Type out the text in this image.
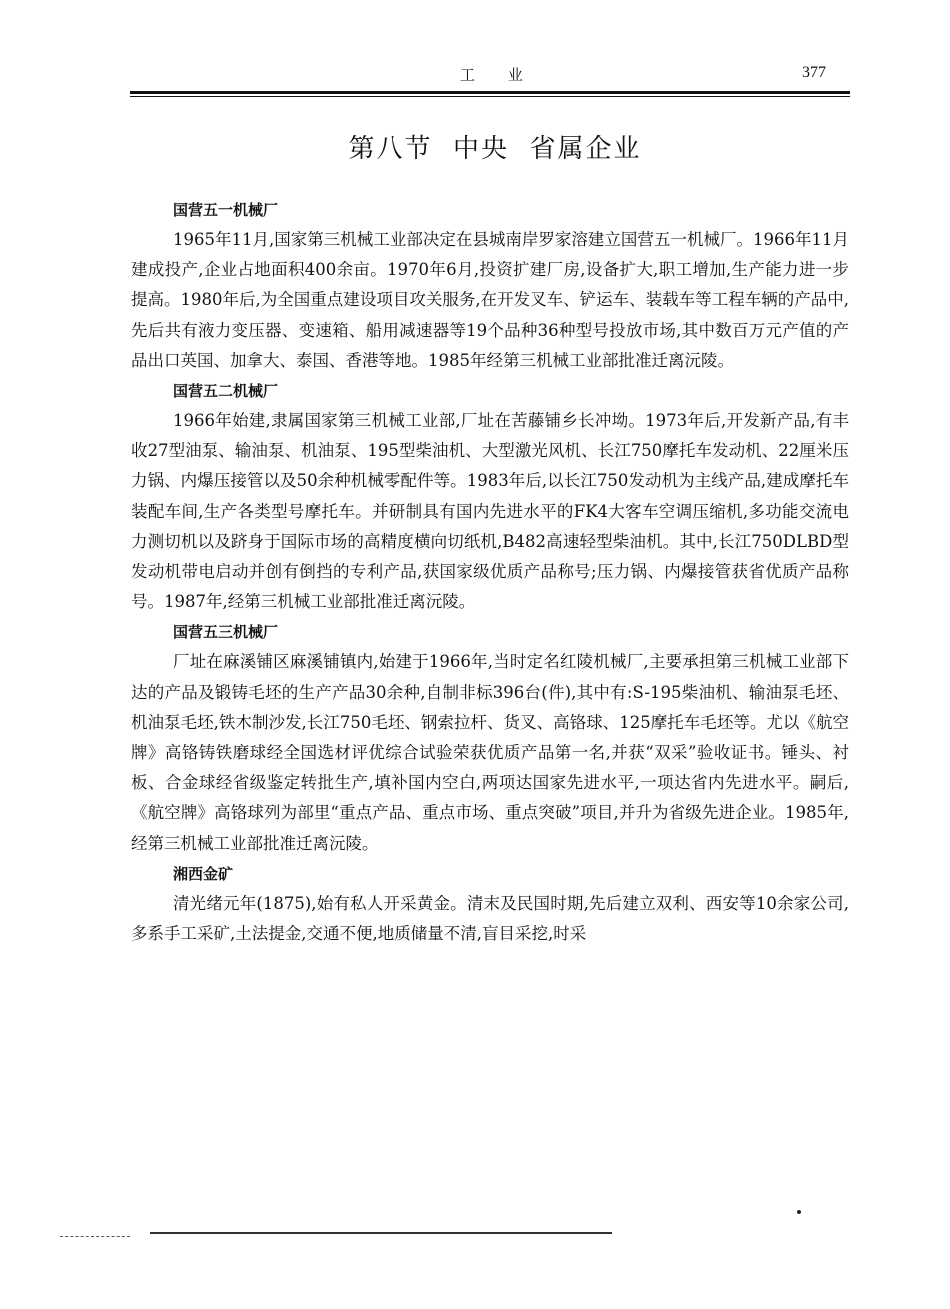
工 业	377
第八节  中央  省属企业
国营五一机械厂

1965年11月,国家第三机械工业部决定在县城南岸罗家溶建立国营五一机械厂。1966年11月建成投产,企业占地面积400余亩。1970年6月,投资扩建厂房,设备扩大,职工增加,生产能力进一步提高。1980年后,为全国重点建设项目攻关服务,在开发叉车、铲运车、装载车等工程车辆的产品中,先后共有液力变压器、变速箱、船用减速器等19个品种36种型号投放市场,其中数百万元产值的产品出口英国、加拿大、泰国、香港等地。1985年经第三机械工业部批准迁离沅陵。

国营五二机械厂

1966年始建,隶属国家第三机械工业部,厂址在苦藤铺乡长冲坳。1973年后,开发新产品,有丰收27型油泵、输油泵、机油泵、195型柴油机、大型激光风机、长江750摩托车发动机、22厘米压力锅、内爆压接管以及50余种机械零配件等。1983年后,以长江750发动机为主线产品,建成摩托车装配车间,生产各类型号摩托车。并研制具有国内先进水平的FK4大客车空调压缩机,多功能交流电力测切机以及跻身于国际市场的高精度横向切纸机,B482高速轻型柴油机。其中,长江750DLBD型发动机带电启动并创有倒挡的专利产品,获国家级优质产品称号;压力锅、内爆接管获省优质产品称号。1987年,经第三机械工业部批准迁离沅陵。

国营五三机械厂

厂址在麻溪铺区麻溪铺镇内,始建于1966年,当时定名红陵机械厂,主要承担第三机械工业部下达的产品及锻铸毛坯的生产产品30余种,自制非标396台(件),其中有:S-195柴油机、输油泵毛坯、机油泵毛坯,铁木制沙发,长江750毛坯、钢索拉杆、货叉、高铬球、125摩托车毛坯等。尤以《航空牌》高铬铸铁磨球经全国选材评优综合试验荣获优质产品第一名,并获“双采”验收证书。锤头、衬板、合金球经省级鉴定转批生产,填补国内空白,两项达国家先进水平,一项达省内先进水平。嗣后,《航空牌》高铬球列为部里“重点产品、重点市场、重点突破”项目,并升为省级先进企业。1985年,经第三机械工业部批准迁离沅陵。

湘西金矿

清光绪元年(1875),始有私人开采黄金。清末及民国时期,先后建立双利、西安等10余家公司,多系手工采矿,土法提金,交通不便,地质储量不清,盲目采挖,时采
